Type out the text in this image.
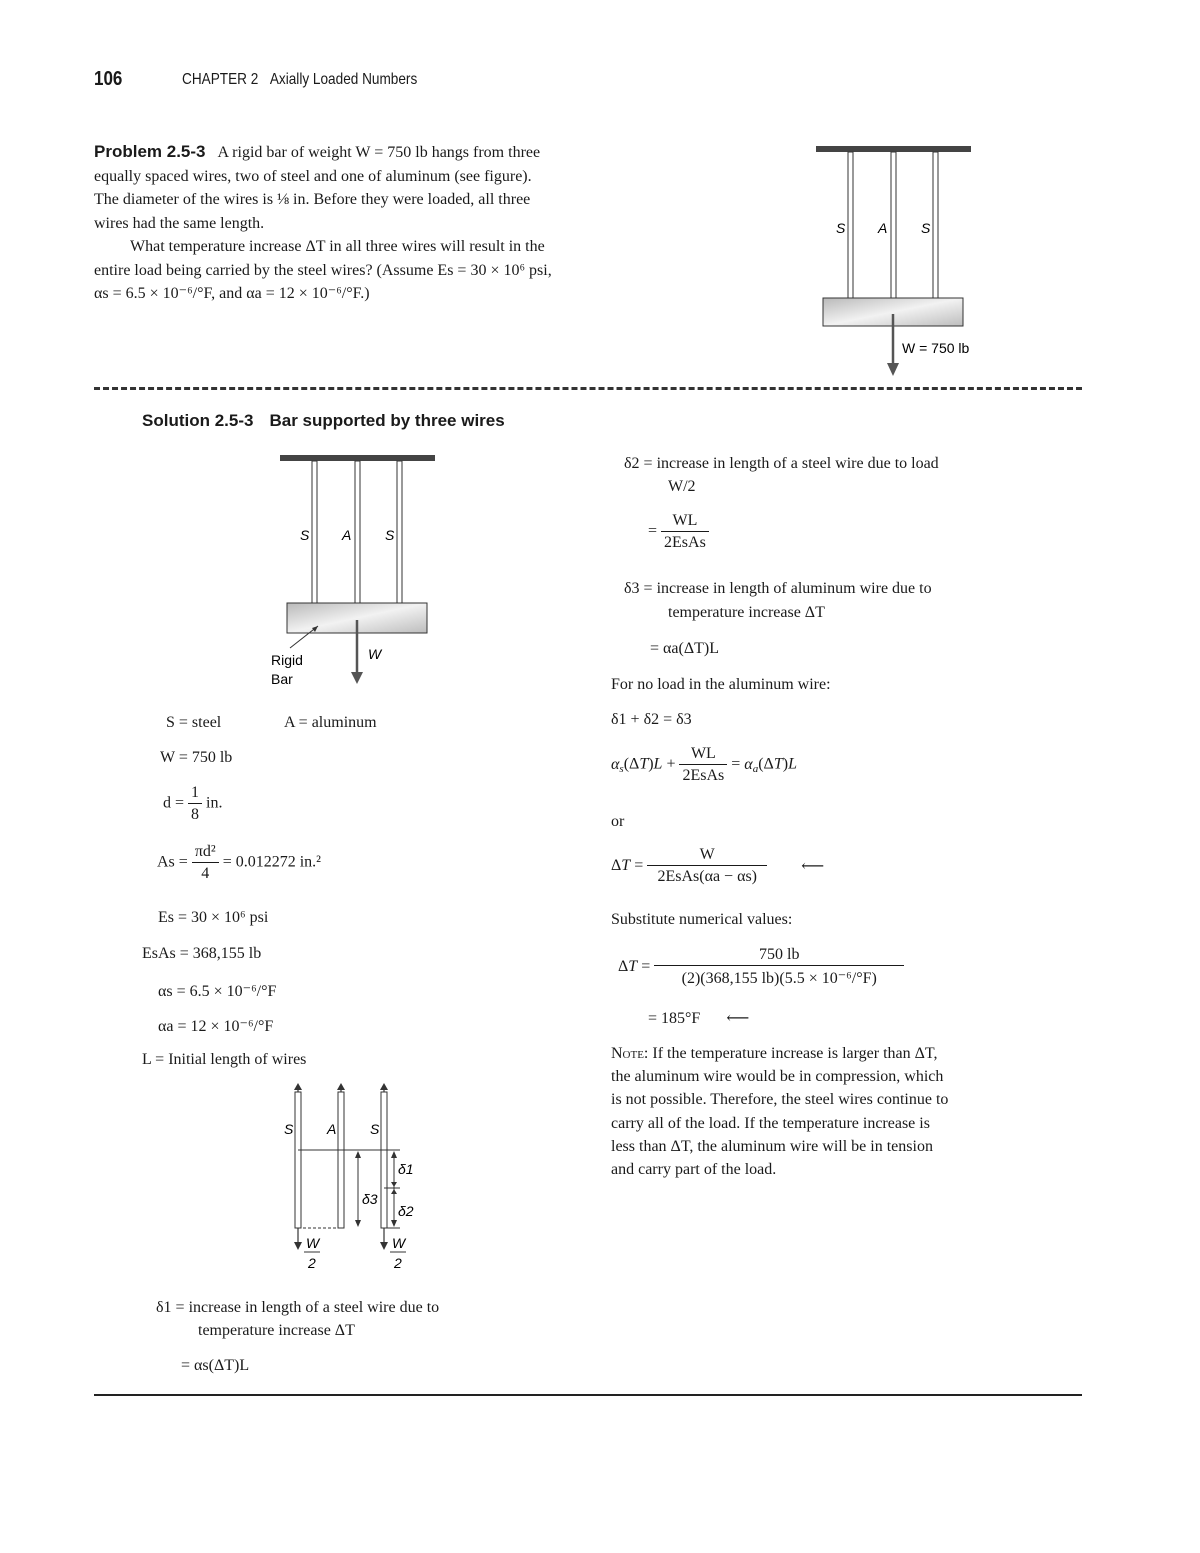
106	CHAPTER 2 Axially Loaded Numbers
Problem 2.5-3 A rigid bar of weight W = 750 lb hangs from three
equally spaced wires, two of steel and one of aluminum (see figure).
The diameter of the wires is ⅛ in. Before they were loaded, all three
wires had the same length.
What temperature increase ΔT in all three wires will result in the
entire load being carried by the steel wires? (Assume Es = 30 × 10⁶ psi,
αs = 6.5 × 10⁻⁶/°F, and αa = 12 × 10⁻⁶/°F.)
S A S
W = 750 lb
Solution 2.5-3 Bar supported by three wires
S A S
Rigid
Bar
W
S = steel	A = aluminum
W = 750 lb
$d = \frac{1}{8}$ in.
$As = \frac{\text{πd²}}{4} = 0.012272$ in.²
Es = 30 × 10⁶ psi
EsAs = 368,155 lb
αs = 6.5 × 10⁻⁶/°F
αa = 12 × 10⁻⁶/°F
L = Initial length of wires
S A S
δ1
δ3
δ2
W
2
W
2
δ1 = increase in length of a steel wire due to
temperature increase ΔT
= αs(ΔT)L
δ2 = increase in length of a steel wire due to load
W/2
= $\frac{WL}{\text{2EsAs}}$
δ3 = increase in length of aluminum wire due to
temperature increase ΔT
= αa(ΔT)L
For no load in the aluminum wire:
δ1 + δ2 = δ3
$\alpha_s(\Delta T)L + \frac{WL}{\text{2EsAs}} = \alpha_a(\Delta T)L$
or
$\Delta T = \frac{W}{\text{2EsAs(αa − αs)}}$ ⟵
Substitute numerical values:
$\Delta T = \frac{750 lb}{\text{(2)(368,155 lb)(5.5 × 10⁻⁶/°F)}}$
= 185°F ⟵
Note: If the temperature increase is larger than ΔT,
the aluminum wire would be in compression, which
is not possible. Therefore, the steel wires continue to
carry all of the load. If the temperature increase is
less than ΔT, the aluminum wire will be in tension
and carry part of the load.
